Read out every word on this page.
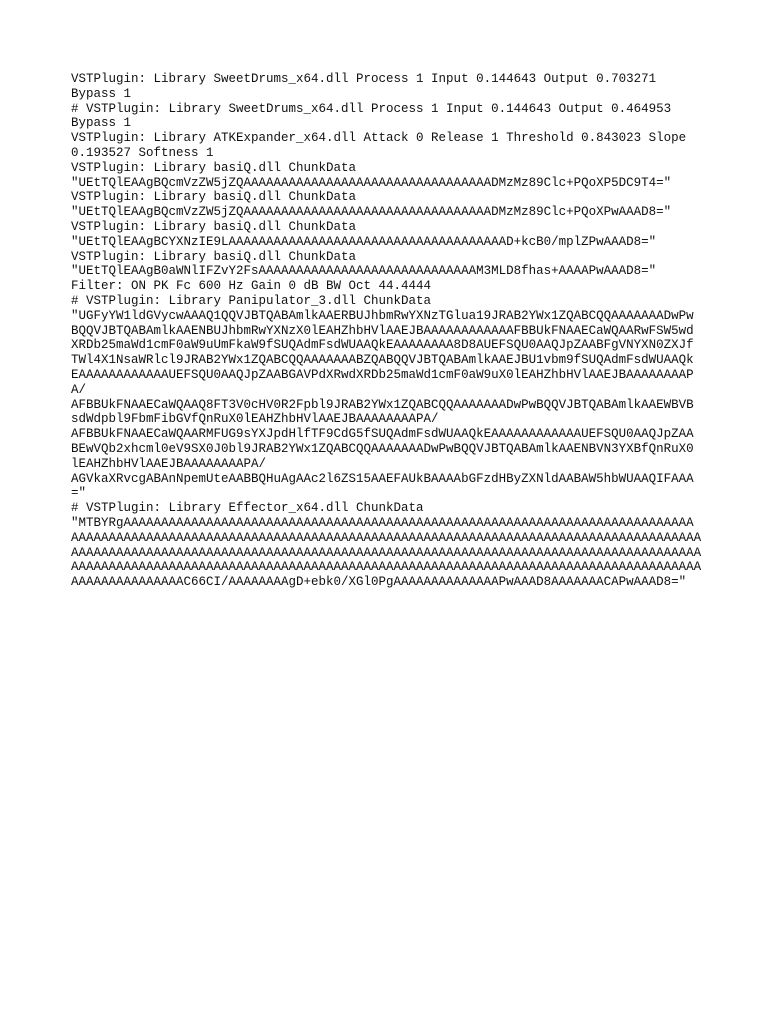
VSTPlugin: Library SweetDrums_x64.dll Process 1 Input 0.144643 Output 0.703271
Bypass 1
# VSTPlugin: Library SweetDrums_x64.dll Process 1 Input 0.144643 Output 0.464953
Bypass 1
VSTPlugin: Library ATKExpander_x64.dll Attack 0 Release 1 Threshold 0.843023 Slope
0.193527 Softness 1
VSTPlugin: Library basiQ.dll ChunkData
"UEtTQlEAAgBQcmVzZW5jZQAAAAAAAAAAAAAAAAAAAAAAAAAAAAAAAAADMzMz89Clc+PQoXP5DC9T4="
VSTPlugin: Library basiQ.dll ChunkData
"UEtTQlEAAgBQcmVzZW5jZQAAAAAAAAAAAAAAAAAAAAAAAAAAAAAAAAADMzMz89Clc+PQoXPwAAAD8="
VSTPlugin: Library basiQ.dll ChunkData
"UEtTQlEAAgBCYXNzIE9LAAAAAAAAAAAAAAAAAAAAAAAAAAAAAAAAAAAAAD+kcB0/mplZPwAAAD8="
VSTPlugin: Library basiQ.dll ChunkData
"UEtTQlEAAgB0aWNlIFZvY2FsAAAAAAAAAAAAAAAAAAAAAAAAAAAAAM3MLD8fhas+AAAAPwAAAD8="
Filter: ON PK Fc 600 Hz Gain 0 dB BW Oct 44.4444
# VSTPlugin: Library Panipulator_3.dll ChunkData
"UGFyYW1ldGVycwAAAQ1QQVJBTQABAmlkAAERBUJhbmRwYXNzTGlua19JRAB2YWx1ZQABCQQAAAAAAADwPw
BQQVJBTQABAmlkAAENBUJhbmRwYXNzX0lEAHZhbHVlAAEJBAAAAAAAAAAAAFBBUkFNAAECaWQAARwFSW5wd
XRDb25maWd1cmF0aW9uUmFkaW9fSUQAdmFsdWUAAQkEAAAAAAAA8D8AUEFSQU0AAQJpZAABFgVNYXN0ZXJf
TWl4X1NsaWRlcl9JRAB2YWx1ZQABCQQAAAAAAABZQABQQVJBTQABAmlkAAEJBU1vbm9fSUQAdmFsdWUAAQk
EAAAAAAAAAAAAUEFSQU0AAQJpZAABGAVPdXRwdXRDb25maWd1cmF0aW9uX0lEAHZhbHVlAAEJBAAAAAAAAP
A/
AFBBUkFNAAECaWQAAQ8FT3V0cHV0R2Fpbl9JRAB2YWx1ZQABCQQAAAAAAADwPwBQQVJBTQABAmlkAAEWBVB
sdWdpbl9FbmFibGVfQnRuX0lEAHZhbHVlAAEJBAAAAAAAAPA/
AFBBUkFNAAECaWQAARMFUG9sYXJpdHlfTF9CdG5fSUQAdmFsdWUAAQkEAAAAAAAAAAAAUEFSQU0AAQJpZAA
BEwVQb2xhcml0eV9SX0J0bl9JRAB2YWx1ZQABCQQAAAAAAADwPwBQQVJBTQABAmlkAAENBVN3YXBfQnRuX0
lEAHZhbHVlAAEJBAAAAAAAAPA/
AGVkaXRvcgABAnNpemUteAABBQHuAgAAc2l6ZS15AAEFAUkBAAAAbGFzdHByZXNldAABAW5hbWUAAQIFAAA
="
# VSTPlugin: Library Effector_x64.dll ChunkData
"MTBYRgAAAAAAAAAAAAAAAAAAAAAAAAAAAAAAAAAAAAAAAAAAAAAAAAAAAAAAAAAAAAAAAAAAAAAAAAAAAA
AAAAAAAAAAAAAAAAAAAAAAAAAAAAAAAAAAAAAAAAAAAAAAAAAAAAAAAAAAAAAAAAAAAAAAAAAAAAAAAAAAAA
AAAAAAAAAAAAAAAAAAAAAAAAAAAAAAAAAAAAAAAAAAAAAAAAAAAAAAAAAAAAAAAAAAAAAAAAAAAAAAAAAAAA
AAAAAAAAAAAAAAAAAAAAAAAAAAAAAAAAAAAAAAAAAAAAAAAAAAAAAAAAAAAAAAAAAAAAAAAAAAAAAAAAAAAA
AAAAAAAAAAAAAAAC66CI/AAAAAAAAgD+ebk0/XGl0PgAAAAAAAAAAAAAAPwAAAD8AAAAAAACAPwAAAD8="
